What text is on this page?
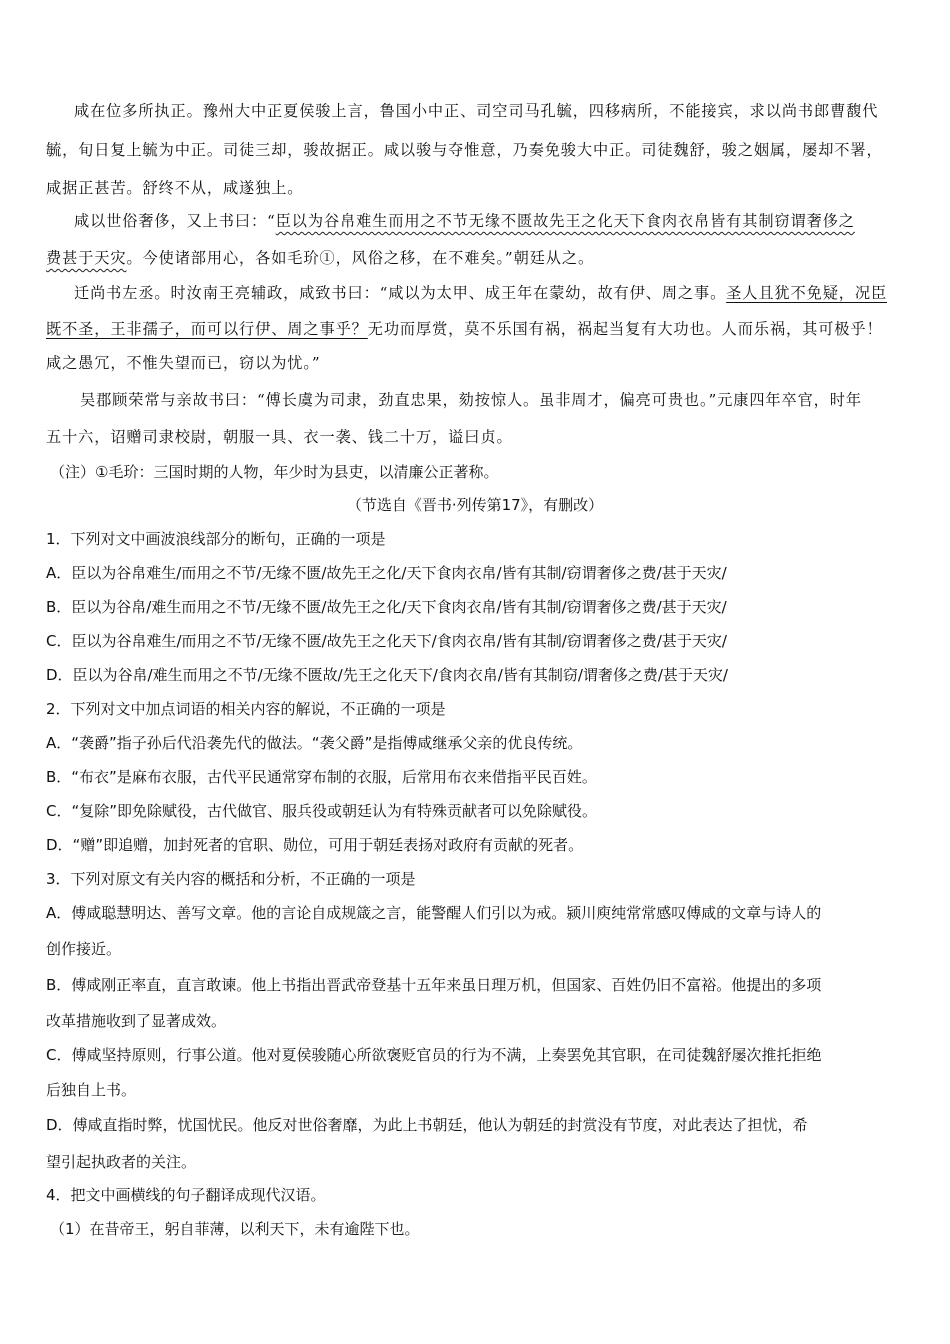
咸在位多所执正。豫州大中正夏侯骏上言，鲁国小中正、司空司马孔毓，四移病所，不能接宾，求以尚书郎曹馥代
毓，旬日复上毓为中正。司徒三却，骏故据正。咸以骏与夺惟意，乃奏免骏大中正。司徒魏舒，骏之姻属，屡却不署，
咸据正甚苦。舒终不从，咸遂独上。
咸以世俗奢侈，又上书曰：“臣以为谷帛难生而用之不节无缘不匮故先王之化天下食肉衣帛皆有其制窃谓奢侈之
费甚于天灾。今使诸部用心，各如毛玠①，风俗之移，在不难矣。”朝廷从之。
迁尚书左丞。时汝南王亮辅政，咸致书曰：“咸以为太甲、成王年在蒙幼，故有伊、周之事。圣人且犹不免疑，况臣
既不圣，王非孺子，而可以行伊、周之事乎？无功而厚赏，莫不乐国有祸，祸起当复有大功也。人而乐祸，其可极乎！
咸之愚冗，不惟失望而已，窃以为忧。”
吴郡顾荣常与亲故书曰：“傅长虞为司隶，劲直忠果，劾按惊人。虽非周才，偏亮可贵也。”元康四年卒官，时年
五十六，诏赠司隶校尉，朝服一具、衣一袭、钱二十万，谥曰贞。
（注）①毛玠：三国时期的人物，年少时为县吏，以清廉公正著称。
（节选自《晋书·列传第17》，有删改）
1．下列对文中画波浪线部分的断句，正确的一项是
A．臣以为谷帛难生/而用之不节/无缘不匮/故先王之化/天下食肉衣帛/皆有其制/窃谓奢侈之费/甚于天灾/
B．臣以为谷帛/难生而用之不节/无缘不匮/故先王之化/天下食肉衣帛/皆有其制/窃谓奢侈之费/甚于天灾/
C．臣以为谷帛难生/而用之不节/无缘不匮/故先王之化天下/食肉衣帛/皆有其制/窃谓奢侈之费/甚于天灾/
D．臣以为谷帛/难生而用之不节/无缘不匮故/先王之化天下/食肉衣帛/皆有其制窃/谓奢侈之费/甚于天灾/
2．下列对文中加点词语的相关内容的解说，不正确的一项是
A．“袭爵”指子孙后代沿袭先代的做法。“袭父爵”是指傅咸继承父亲的优良传统。
B．“布衣”是麻布衣服，古代平民通常穿布制的衣服，后常用布衣来借指平民百姓。
C．“复除”即免除赋役，古代做官、服兵役或朝廷认为有特殊贡献者可以免除赋役。
D．“赠”即追赠，加封死者的官职、勋位，可用于朝廷表扬对政府有贡献的死者。
3．下列对原文有关内容的概括和分析，不正确的一项是
A．傅咸聪慧明达、善写文章。他的言论自成规箴之言，能警醒人们引以为戒。颍川庾纯常常感叹傅咸的文章与诗人的
创作接近。
B．傅咸刚正率直，直言敢谏。他上书指出晋武帝登基十五年来虽日理万机，但国家、百姓仍旧不富裕。他提出的多项
改革措施收到了显著成效。
C．傅咸坚持原则，行事公道。他对夏侯骏随心所欲褒贬官员的行为不满，上奏罢免其官职，在司徒魏舒屡次推托拒绝
后独自上书。
D．傅咸直指时弊，忧国忧民。他反对世俗奢靡，为此上书朝廷，他认为朝廷的封赏没有节度，对此表达了担忧，希
望引起执政者的关注。
4．把文中画横线的句子翻译成现代汉语。
（1）在昔帝王，躬自菲薄，以利天下，未有逾陛下也。
